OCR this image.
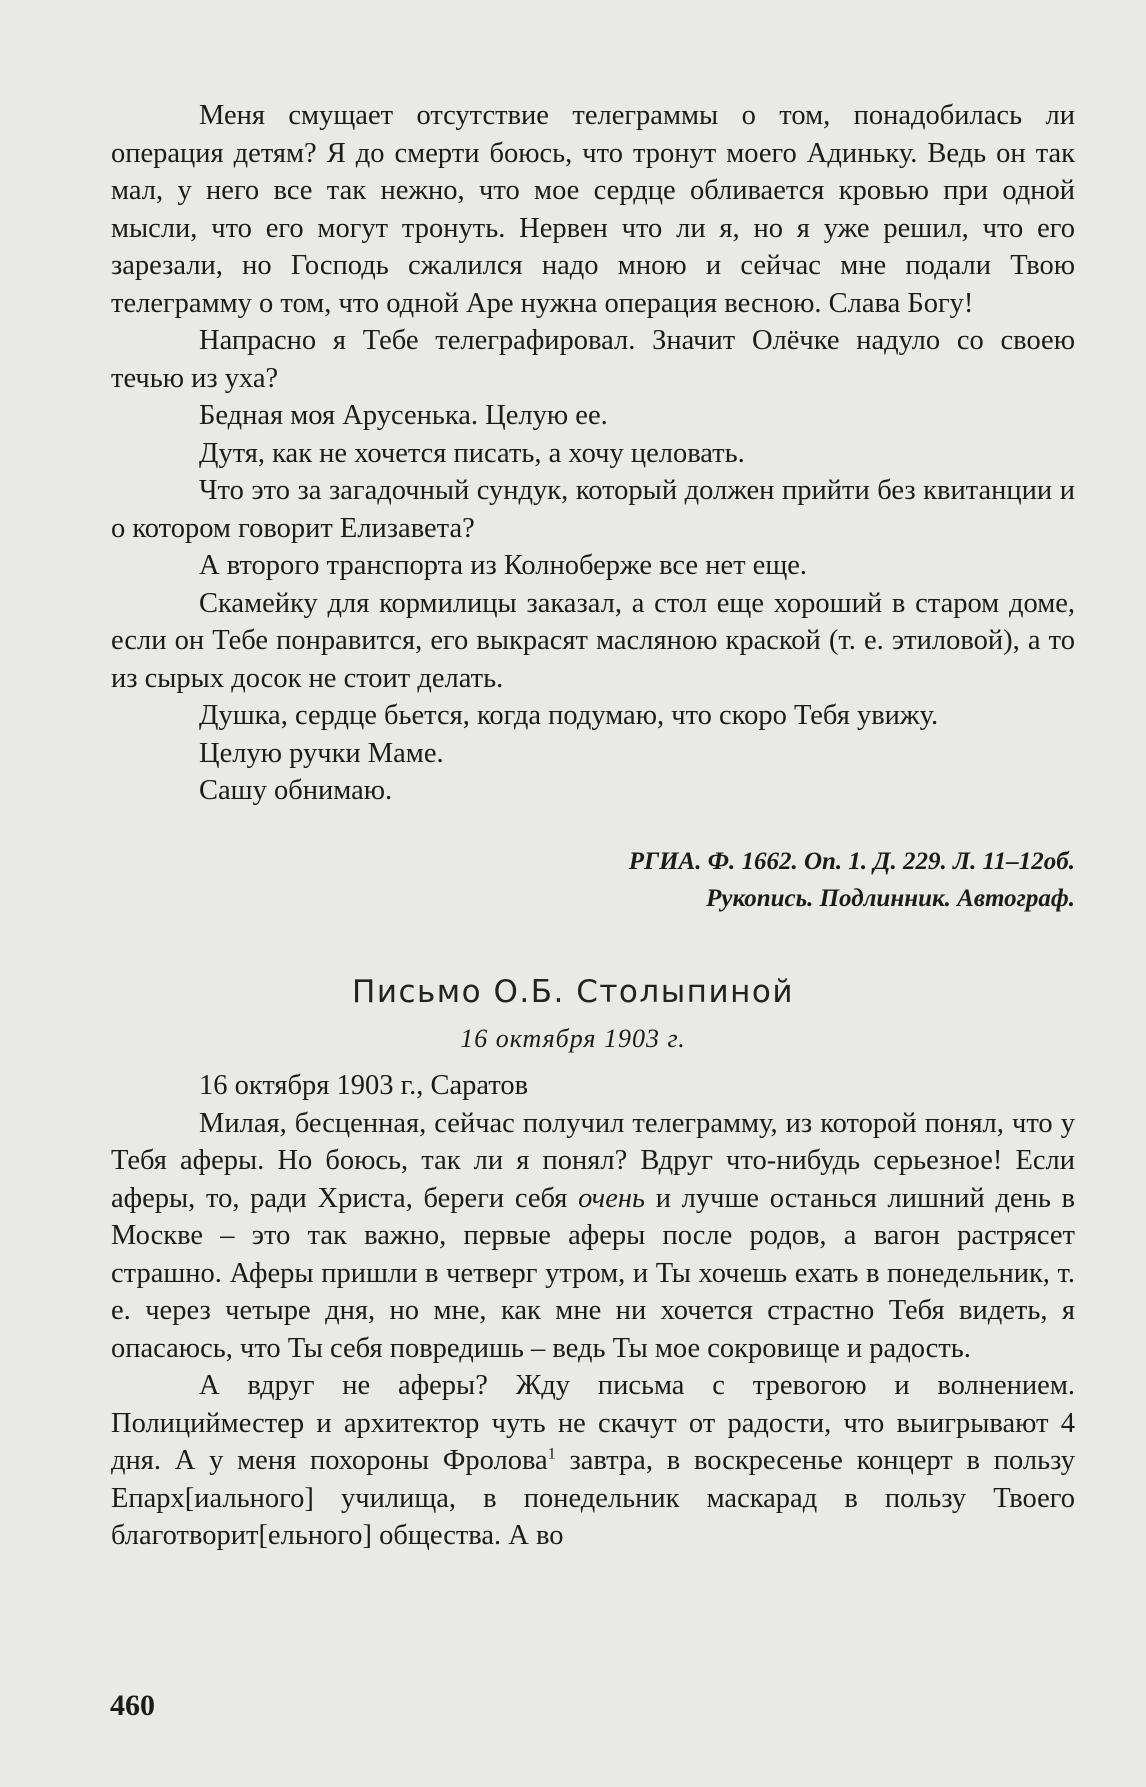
Меня смущает отсутствие телеграммы о том, понадобилась ли операция детям? Я до смерти боюсь, что тронут моего Адиньку. Ведь он так мал, у него все так нежно, что мое сердце обливается кровью при одной мысли, что его могут тронуть. Нервен что ли я, но я уже решил, что его зарезали, но Господь сжалился надо мною и сейчас мне подали Твою телеграмму о том, что одной Аре нужна операция весною. Слава Богу!

Напрасно я Тебе телеграфировал. Значит Олёчке надуло со своею течью из уха?

Бедная моя Арусенька. Целую ее.

Дутя, как не хочется писать, а хочу целовать.

Что это за загадочный сундук, который должен прийти без квитанции и о котором говорит Елизавета?

А второго транспорта из Колноберже все нет еще.

Скамейку для кормилицы заказал, а стол еще хороший в старом доме, если он Тебе понравится, его выкрасят масляною краской (т. е. этиловой), а то из сырых досок не стоит делать.

Душка, сердце бьется, когда подумаю, что скоро Тебя увижу.

Целую ручки Маме.

Сашу обнимаю.

РГИА. Ф. 1662. Оп. 1. Д. 229. Л. 11–12об.
Рукопись. Подлинник. Автограф.
Письмо О.Б. Столыпиной
16 октября 1903 г.

16 октября 1903 г., Саратов

Милая, бесценная, сейчас получил телеграмму, из которой понял, что у Тебя аферы. Но боюсь, так ли я понял? Вдруг что-нибудь серьезное! Если аферы, то, ради Христа, береги себя очень и лучше останься лишний день в Москве – это так важно, первые аферы после родов, а вагон растрясет страшно. Аферы пришли в четверг утром, и Ты хочешь ехать в понедельник, т. е. через четыре дня, но мне, как мне ни хочется страстно Тебя видеть, я опасаюсь, что Ты себя повредишь – ведь Ты мое сокровище и радость.

А вдруг не аферы? Жду письма с тревогою и волнением. Полицийместер и архитектор чуть не скачут от радости, что выигрывают 4 дня. А у меня похороны Фролова$^1$ завтра, в воскресенье концерт в пользу Епарх[иального] училища, в понедельник маскарад в пользу Твоего благотворит[ельного] общества. А во

460
